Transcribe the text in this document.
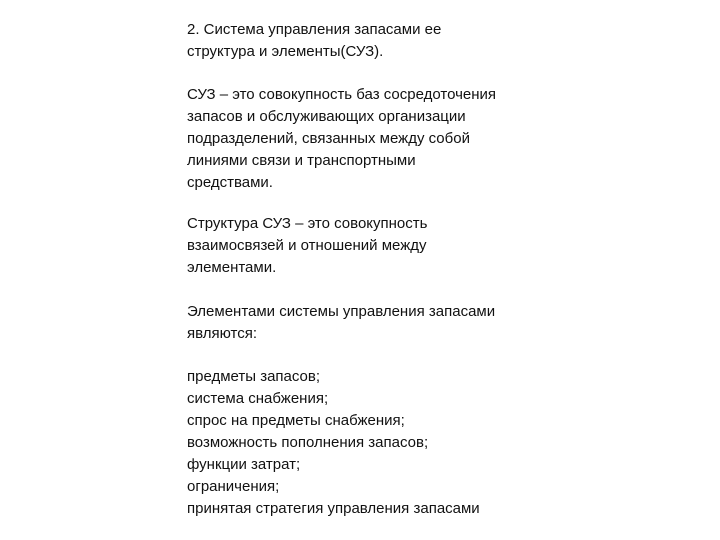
2. Система управления запасами ее
структура и элементы(СУЗ).
СУЗ – это совокупность баз сосредоточения
запасов и обслуживающих организации
подразделений, связанных между собой
линиями связи и транспортными
средствами.
Структура СУЗ – это совокупность
взаимосвязей и отношений между
элементами.
Элементами системы управления запасами
являются:
предметы запасов;
система снабжения;
спрос на предметы снабжения;
возможность пополнения запасов;
функции затрат;
ограничения;
принятая стратегия управления запасами
